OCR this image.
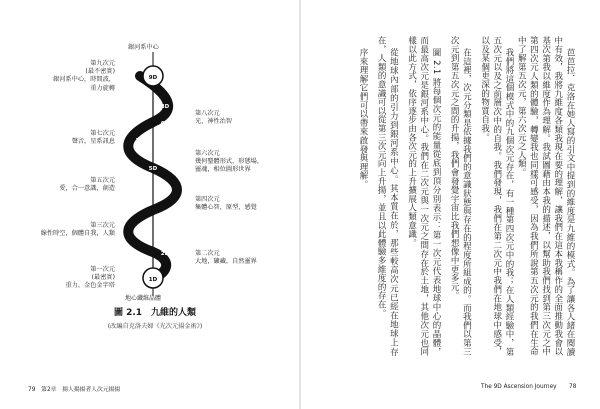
9D
8D
7D
6D
5D
4D
3D
2D
1D
銀河系中心
地心纖維晶體
第九次元
(最不密實)
銀河系中心，時間波，
重力旋轉
第七次元
聲音，星系訊息
第五次元
愛，合一意識，創造
第三次元
線性時空，個體自我，人類
第一次元
(最密實)
重力，金色金字塔
第八次元
光，神性治智
第六次元
幾何聖體形式，形態場，
靈魂，相位圖形世界
第四次元
集體心智，原型，感覺
第二次元
大地，礦藏，自然靈界
圖 2.1　九維的人類
(改編自克洛夫婦《光次元揚金術》)
79　第2章　揚人揚揚者人次元揚揚

芭芭拉．克洛在她人寫的引文中提到的維度是九維的模式。為了讓各人緒在閱讀中有效，我將九維度各類我現在要的理解，讓我們在這本我稱作的全面推動我會以基次第我以維度作為理解。我試圖藉由本我的描述，以幫助我們找到第三次元之中第四次元人類的體驗，轉變我也同樣可感受，因為我們所說第五次元的我們在生命中了解第五次元，第六次元之人類。

我們將這個模式中的九個次元存在，有一種第四次元中的我；在人類經驗中，第五次元以及之前層次中的自我。我們發現，我們在第二次元中我們在地球中感受，以及某個更深的物質自我。

在這裡，次元分類是依據我們的意識狀態與存在的程度所組成的。而我們以第三次元到第五次元之間的升揚，我們會發覺宇宙比我們想像中更多元。

圖 2.1 將每個次元的能量從底到頂分別表示：第一次元代表地球中心的晶體，而最高次元是銀河系中心。我們在二次元與一次元之間存在於土地，其他次元也同樣以此方式，依序逐步由各次元的上升擴展人類意識。

從地球內部的引力到銀河系中心。其本質在於，那些較高次元已經在地球上存在，人類的意識可以從第三次元向上升揚，並且以此體驗多維度的存在。

序來理解它們可以帶來啟發與理解。

The 9D Ascension Journey 78
